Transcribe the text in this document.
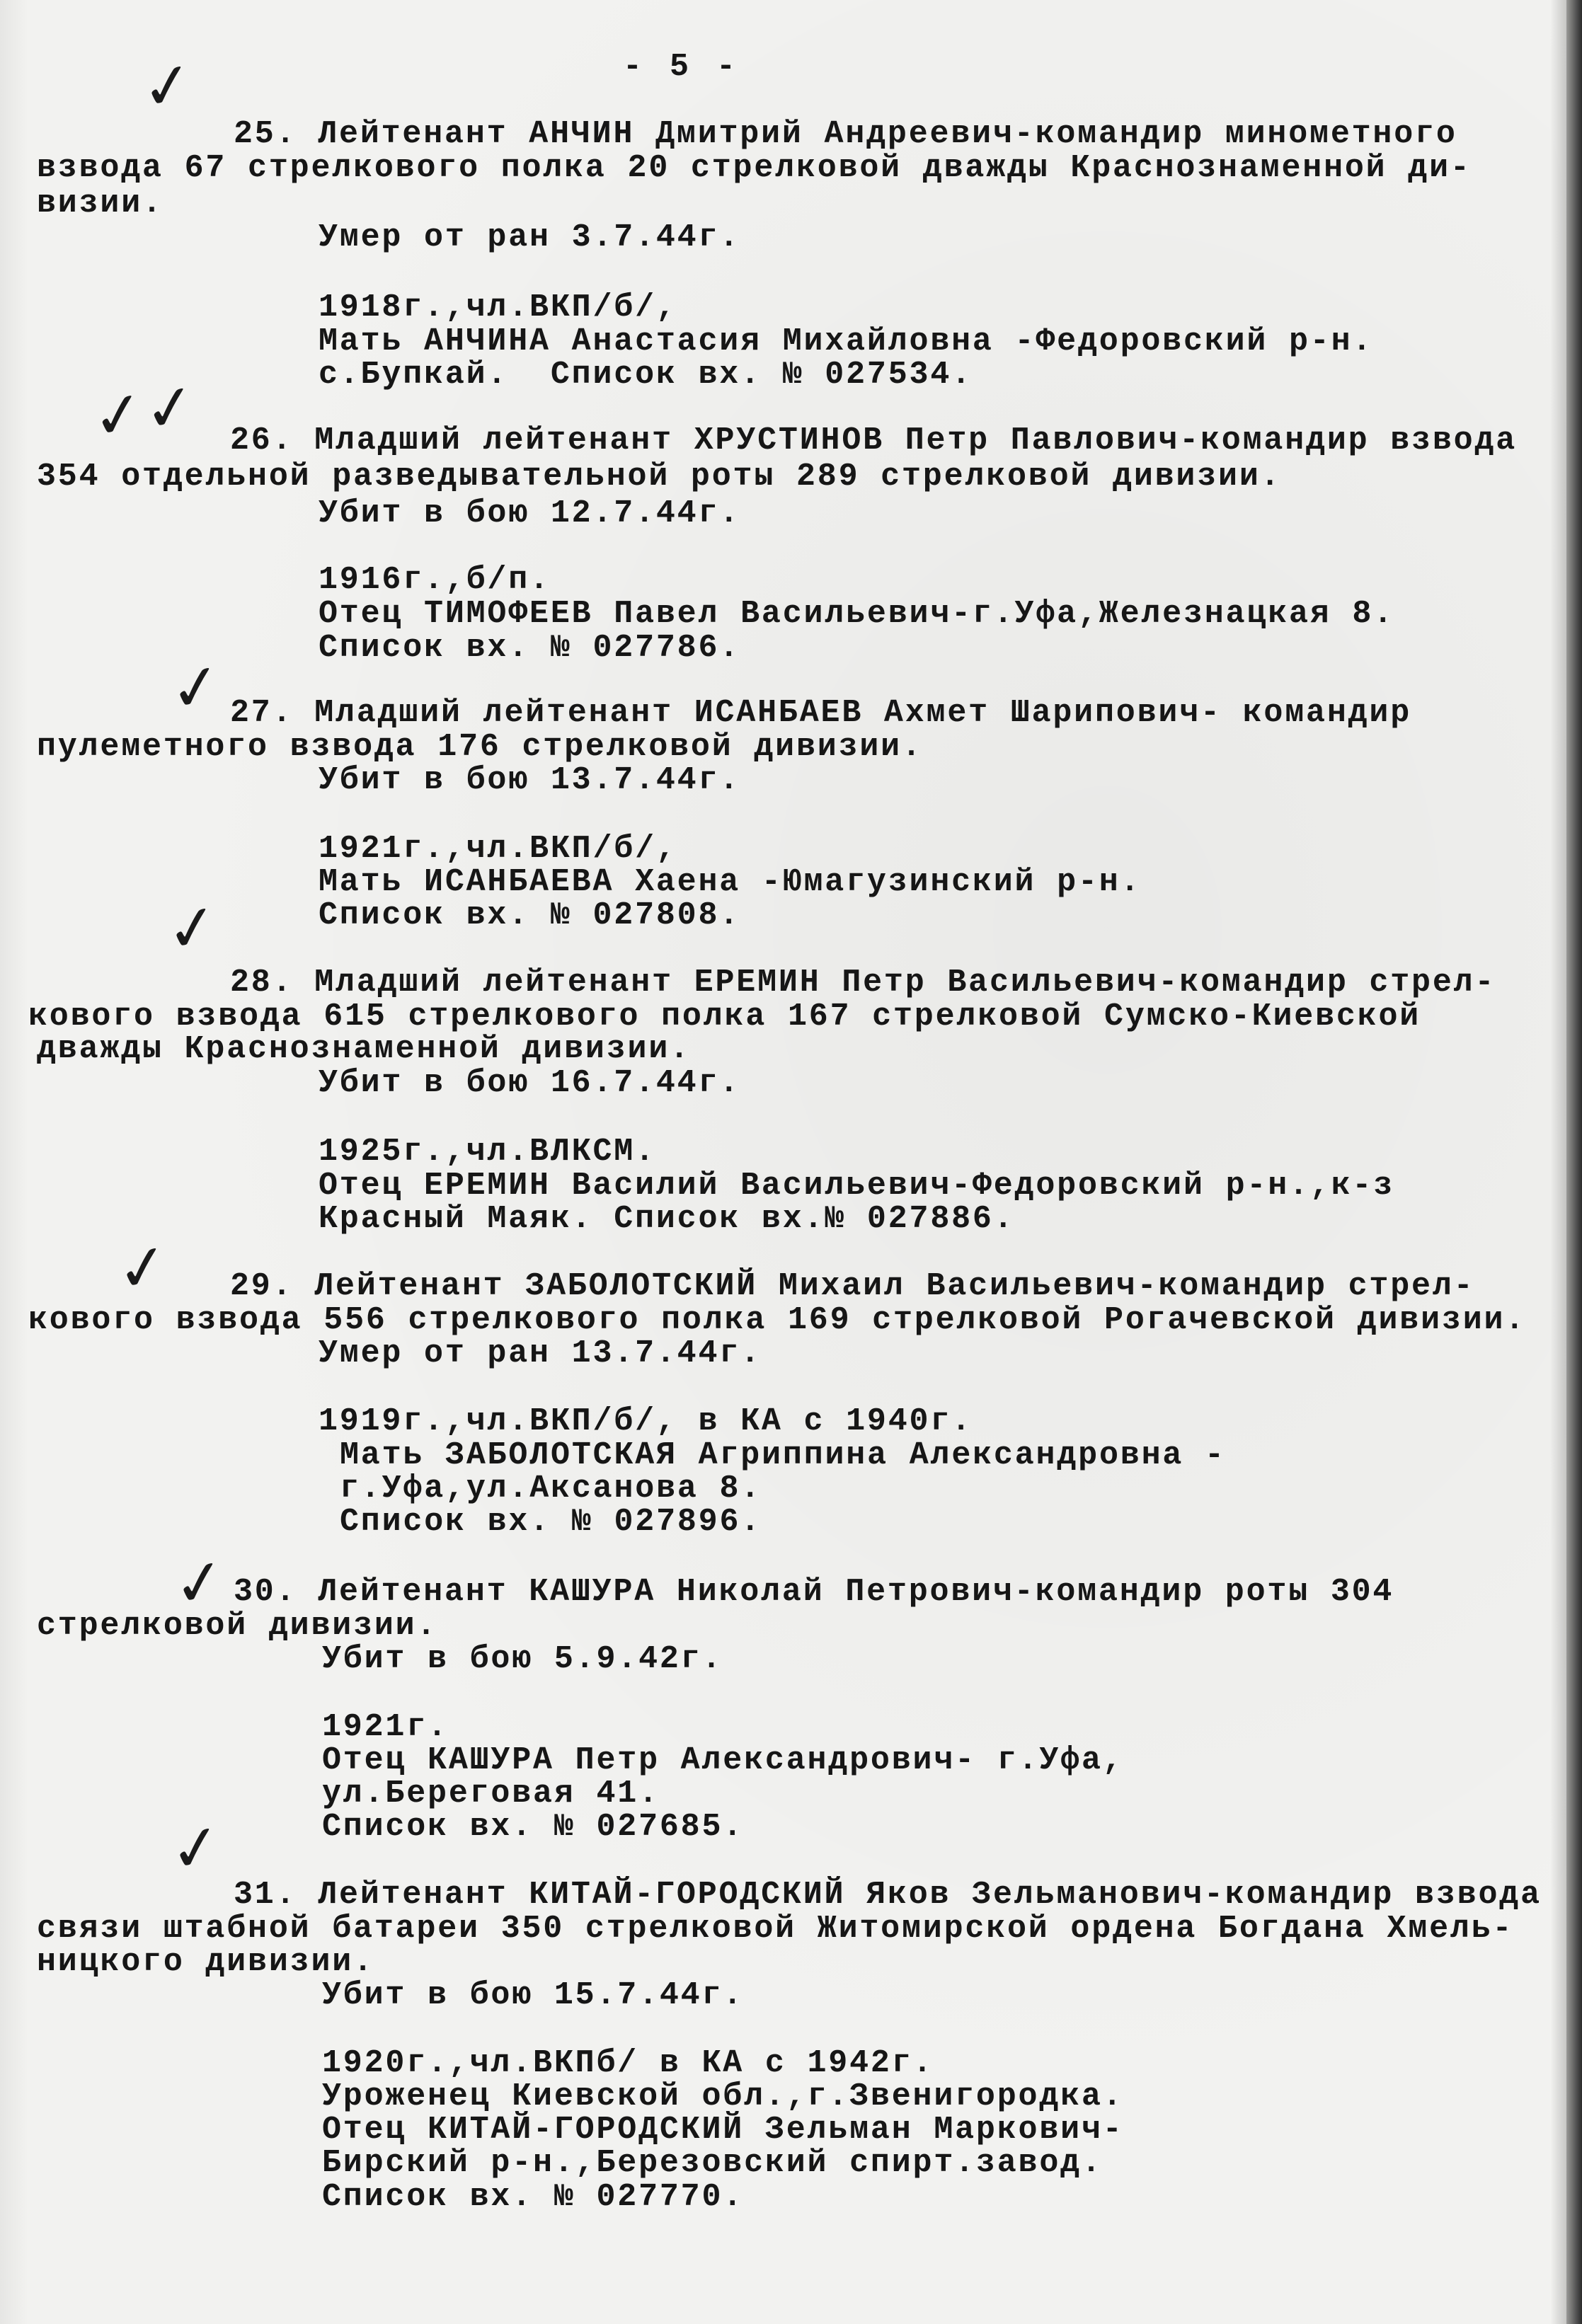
- 5 -
✓
25. Лейтенант АНЧИН Дмитрий Андреевич-командир минометного
взвода 67 стрелкового полка 20 стрелковой дважды Краснознаменной ди-
визии.
Умер от ран 3.7.44г.
1918г.,чл.ВКП/б/,
Мать АНЧИНА Анастасия Михайловна -Федоровский р-н.
с.Бупкай.  Список вх. № 027534.
✓✓ 26. Младший лейтенант ХРУСТИНОВ Петр Павлович-командир взвода
354 отдельной разведывательной роты 289 стрелковой дивизии.
Убит в бою 12.7.44г.
1916г.,б/п.
Отец ТИМОФЕЕВ Павел Васильевич-г.Уфа,Железнацкая 8.
Список вх. № 027786.
✓ 27. Младший лейтенант ИСАНБАЕВ Ахмет Шарипович- командир
пулеметного взвода 176 стрелковой дивизии.
Убит в бою 13.7.44г.
1921г.,чл.ВКП/б/,
Мать ИСАНБАЕВА Хаена -Юмагузинский р-н.
Список вх. № 027808.
✓
28. Младший лейтенант ЕРЕМИН Петр Васильевич-командир стрел-
кового взвода 615 стрелкового полка 167 стрелковой Сумско-Киевской
дважды Краснознаменной дивизии.
Убит в бою 16.7.44г.
1925г.,чл.ВЛКСМ.
Отец ЕРЕМИН Василий Васильевич-Федоровский р-н.,к-з
Красный Маяк. Список вх.№ 027886.
✓ 29. Лейтенант ЗАБОЛОТСКИЙ Михаил Васильевич-командир стрел-
кового взвода 556 стрелкового полка 169 стрелковой Рогачевской дивизии.
Умер от ран 13.7.44г.
1919г.,чл.ВКП/б/, в КА с 1940г.
Мать ЗАБОЛОТСКАЯ Агриппина Александровна -
г.Уфа,ул.Аксанова 8.
Список вх. № 027896.
✓ 30. Лейтенант КАШУРА Николай Петрович-командир роты 304
стрелковой дивизии.
Убит в бою 5.9.42г.
1921г.
Отец КАШУРА Петр Александрович- г.Уфа,
ул.Береговая 41.
Список вх. № 027685.
✓
31. Лейтенант КИТАЙ-ГОРОДСКИЙ Яков Зельманович-командир взвода
связи штабной батареи 350 стрелковой Житомирской ордена Богдана Хмель-
ницкого дивизии.
Убит в бою 15.7.44г.
1920г.,чл.ВКПб/ в КА с 1942г.
Уроженец Киевской обл.,г.Звенигородка.
Отец КИТАЙ-ГОРОДСКИЙ Зельман Маркович-
Бирский р-н.,Березовский спирт.завод.
Список вх. № 027770.
